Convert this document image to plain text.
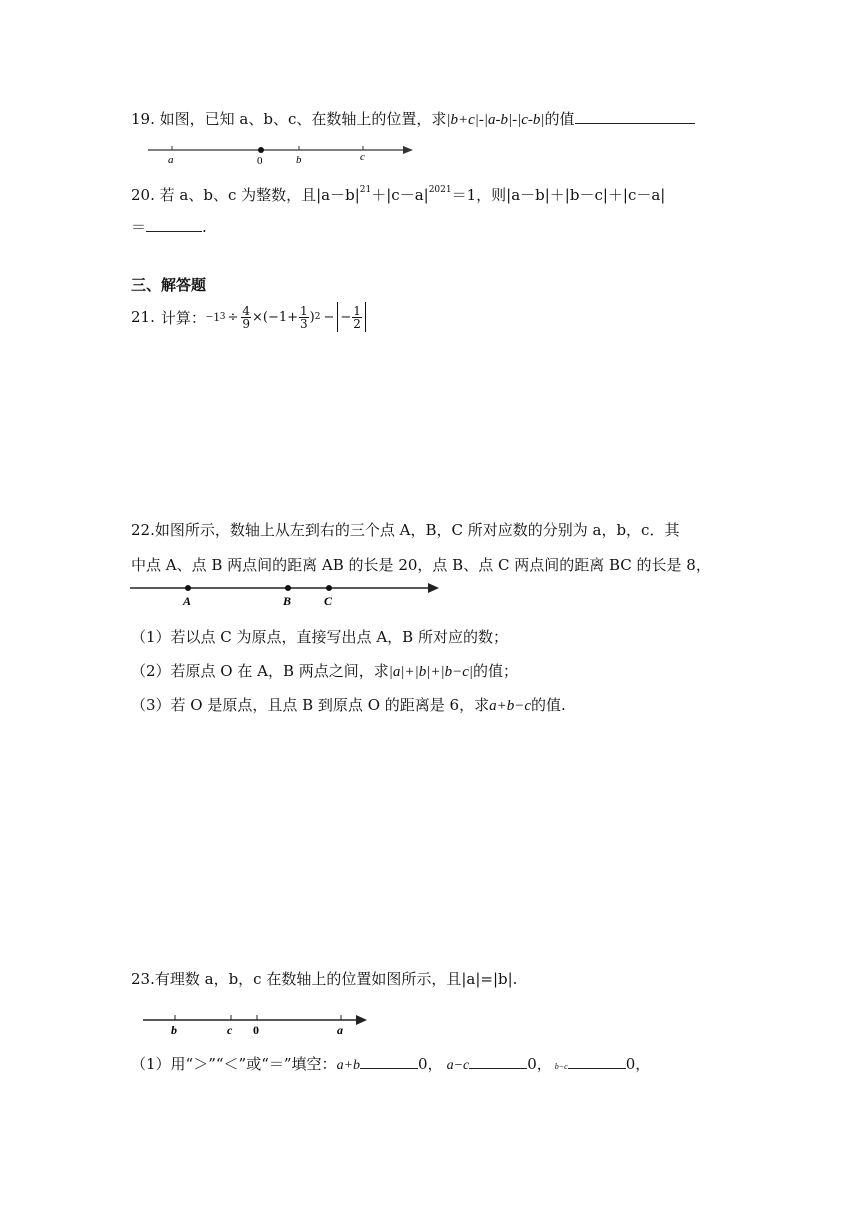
19. 如图，已知 a、b、c、在数轴上的位置，求|b+c|-|a-b|-|c-b|的值
a	0	b	c
20. 若 a、b、c 为整数，且$|a-b|^{21}+|c-a|^{2021}=1$，则|a－b|＋|b－c|＋|c－a|
＝	.
三、解答题
21. 计算： −1 $3 \div \frac{4}{9} \times(-1+ \frac{1}{3}$ ) 2 − − $\frac{1}{2}$
22.如图所示，数轴上从左到右的三个点 A，B，C 所对应数的分别为 a，b，c．其
中点 A、点 B 两点间的距离 AB 的长是 20，点 B、点 C 两点间的距离 BC 的长是 8，
A	B	C
（1）若以点 C 为原点，直接写出点 A，B 所对应的数；
（2）若原点 O 在 A，B 两点之间，求|a|+|b|+|b−c|的值；
（3）若 O 是原点，且点 B 到原点 O 的距离是 6，求a+b−c的值.
23.有理数 a，b，c 在数轴上的位置如图所示，且|a|=|b|.
b	c 0	a
（1）用“＞”“＜”或“＝”填空：a+b	0， a−c	0， b−c	0，
